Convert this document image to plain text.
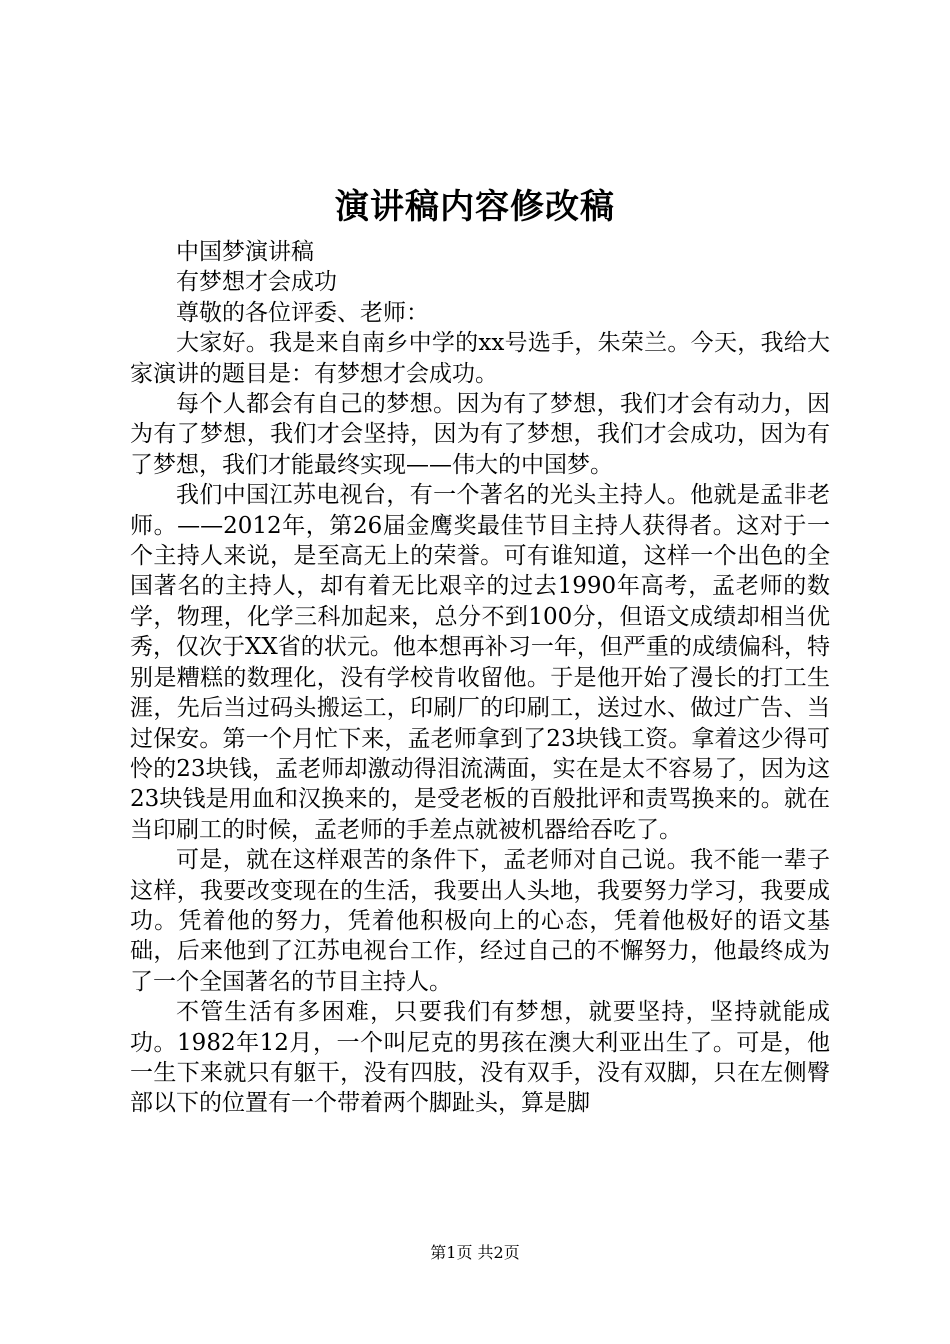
演讲稿内容修改稿

中国梦演讲稿

有梦想才会成功

尊敬的各位评委、老师：

大家好。我是来自南乡中学的xx号选手，朱荣兰。今天，我给大家演讲的题目是：有梦想才会成功。

每个人都会有自己的梦想。因为有了梦想，我们才会有动力，因为有了梦想，我们才会坚持，因为有了梦想，我们才会成功，因为有了梦想，我们才能最终实现——伟大的中国梦。

我们中国江苏电视台，有一个著名的光头主持人。他就是孟非老师。——2012年，第26届金鹰奖最佳节目主持人获得者。这对于一个主持人来说，是至高无上的荣誉。可有谁知道，这样一个出色的全国著名的主持人，却有着无比艰辛的过去1990年高考，孟老师的数学，物理，化学三科加起来，总分不到100分，但语文成绩却相当优秀，仅次于XX省的状元。他本想再补习一年，但严重的成绩偏科，特别是糟糕的数理化，没有学校肯收留他。于是他开始了漫长的打工生涯，先后当过码头搬运工，印刷厂的印刷工，送过水、做过广告、当过保安。第一个月忙下来，孟老师拿到了23块钱工资。拿着这少得可怜的23块钱，孟老师却激动得泪流满面，实在是太不容易了，因为这23块钱是用血和汉换来的，是受老板的百般批评和责骂换来的。就在当印刷工的时候，孟老师的手差点就被机器给吞吃了。

可是，就在这样艰苦的条件下，孟老师对自己说。我不能一辈子这样，我要改变现在的生活，我要出人头地，我要努力学习，我要成功。凭着他的努力，凭着他积极向上的心态，凭着他极好的语文基础，后来他到了江苏电视台工作，经过自己的不懈努力，他最终成为了一个全国著名的节目主持人。

不管生活有多困难，只要我们有梦想，就要坚持，坚持就能成功。1982年12月，一个叫尼克的男孩在澳大利亚出生了。可是，他一生下来就只有躯干，没有四肢，没有双手，没有双脚，只在左侧臀部以下的位置有一个带着两个脚趾头，算是脚

第1页 共2页
